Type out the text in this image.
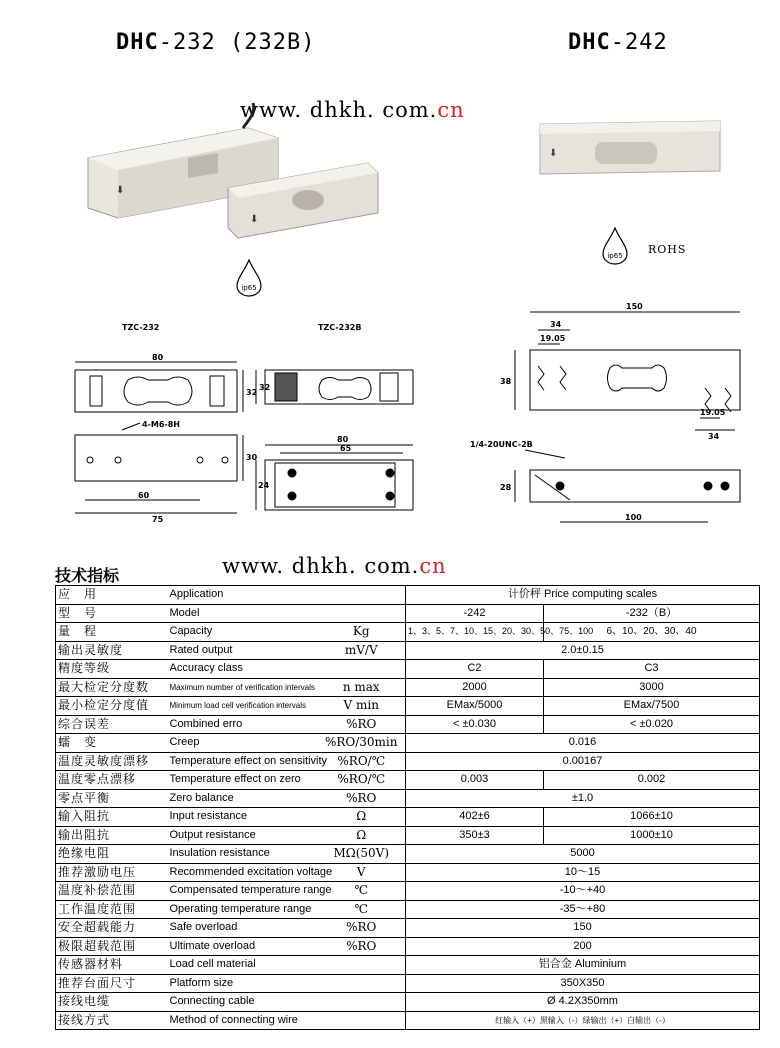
DHC-232 (232B)	DHC-242
www. dhkh. com.cn
⬇
⬇
⬇
ip65
ip65 ROHS
TZC-232	TZC-232B
80
32
4-M6-8H
60
75
30
32
80
65
24
150
34
19.05
38
34
19.05
1/4-20UNC-2B
28
100
技术指标	www. dhkh. com.cn
应　用	Application		计价秤 Price computing scales	
型　号	Model		-242	-232（B）
量　程	Capacity	Kg	1、3、5、7、10、15、20、30、50、75、100	6、10、20、30、40
输出灵敏度	Rated output	mV/V	2.0±0.15	
精度等级	Accuracy class		C2	C3
最大检定分度数	Maximum number of verification intervals	n max	2000	3000
最小检定分度值	Minimum load cell verification intervals	V min	EMax/5000	EMax/7500
综合误差	Combined erro	%RO	< ±0.030	< ±0.020
蠕　变	Creep	%RO/30min	0.016	
温度灵敏度漂移	Temperature effect on sensitivity	%RO/℃	0.00167	
温度零点漂移	Temperature effect on zero	%RO/℃	0.003	0.002
零点平衡	Zero balance	%RO	±1.0	
输入阻抗	Input resistance	Ω	402±6	1066±10
输出阻抗	Output resistance	Ω	350±3	1000±10
绝缘电阻	Insulation resistance	MΩ(50V)	5000	
推荐激励电压	Recommended excitation voltage	V	10～15	
温度补偿范围	Compensated temperature range	℃	-10～+40	
工作温度范围	Operating temperature range	℃	-35～+80	
安全超载能力	Safe overload	%RO	150	
极限超载范围	Ultimate overload	%RO	200	
传感器材料	Load cell material		铝合金 Aluminium	
推荐台面尺寸	Platform size		350X350	
接线电缆	Connecting cable		Ø 4.2X350mm	
接线方式	Method of connecting wire		红输入（+）黑输入（-）绿输出（+）白输出（-）	
